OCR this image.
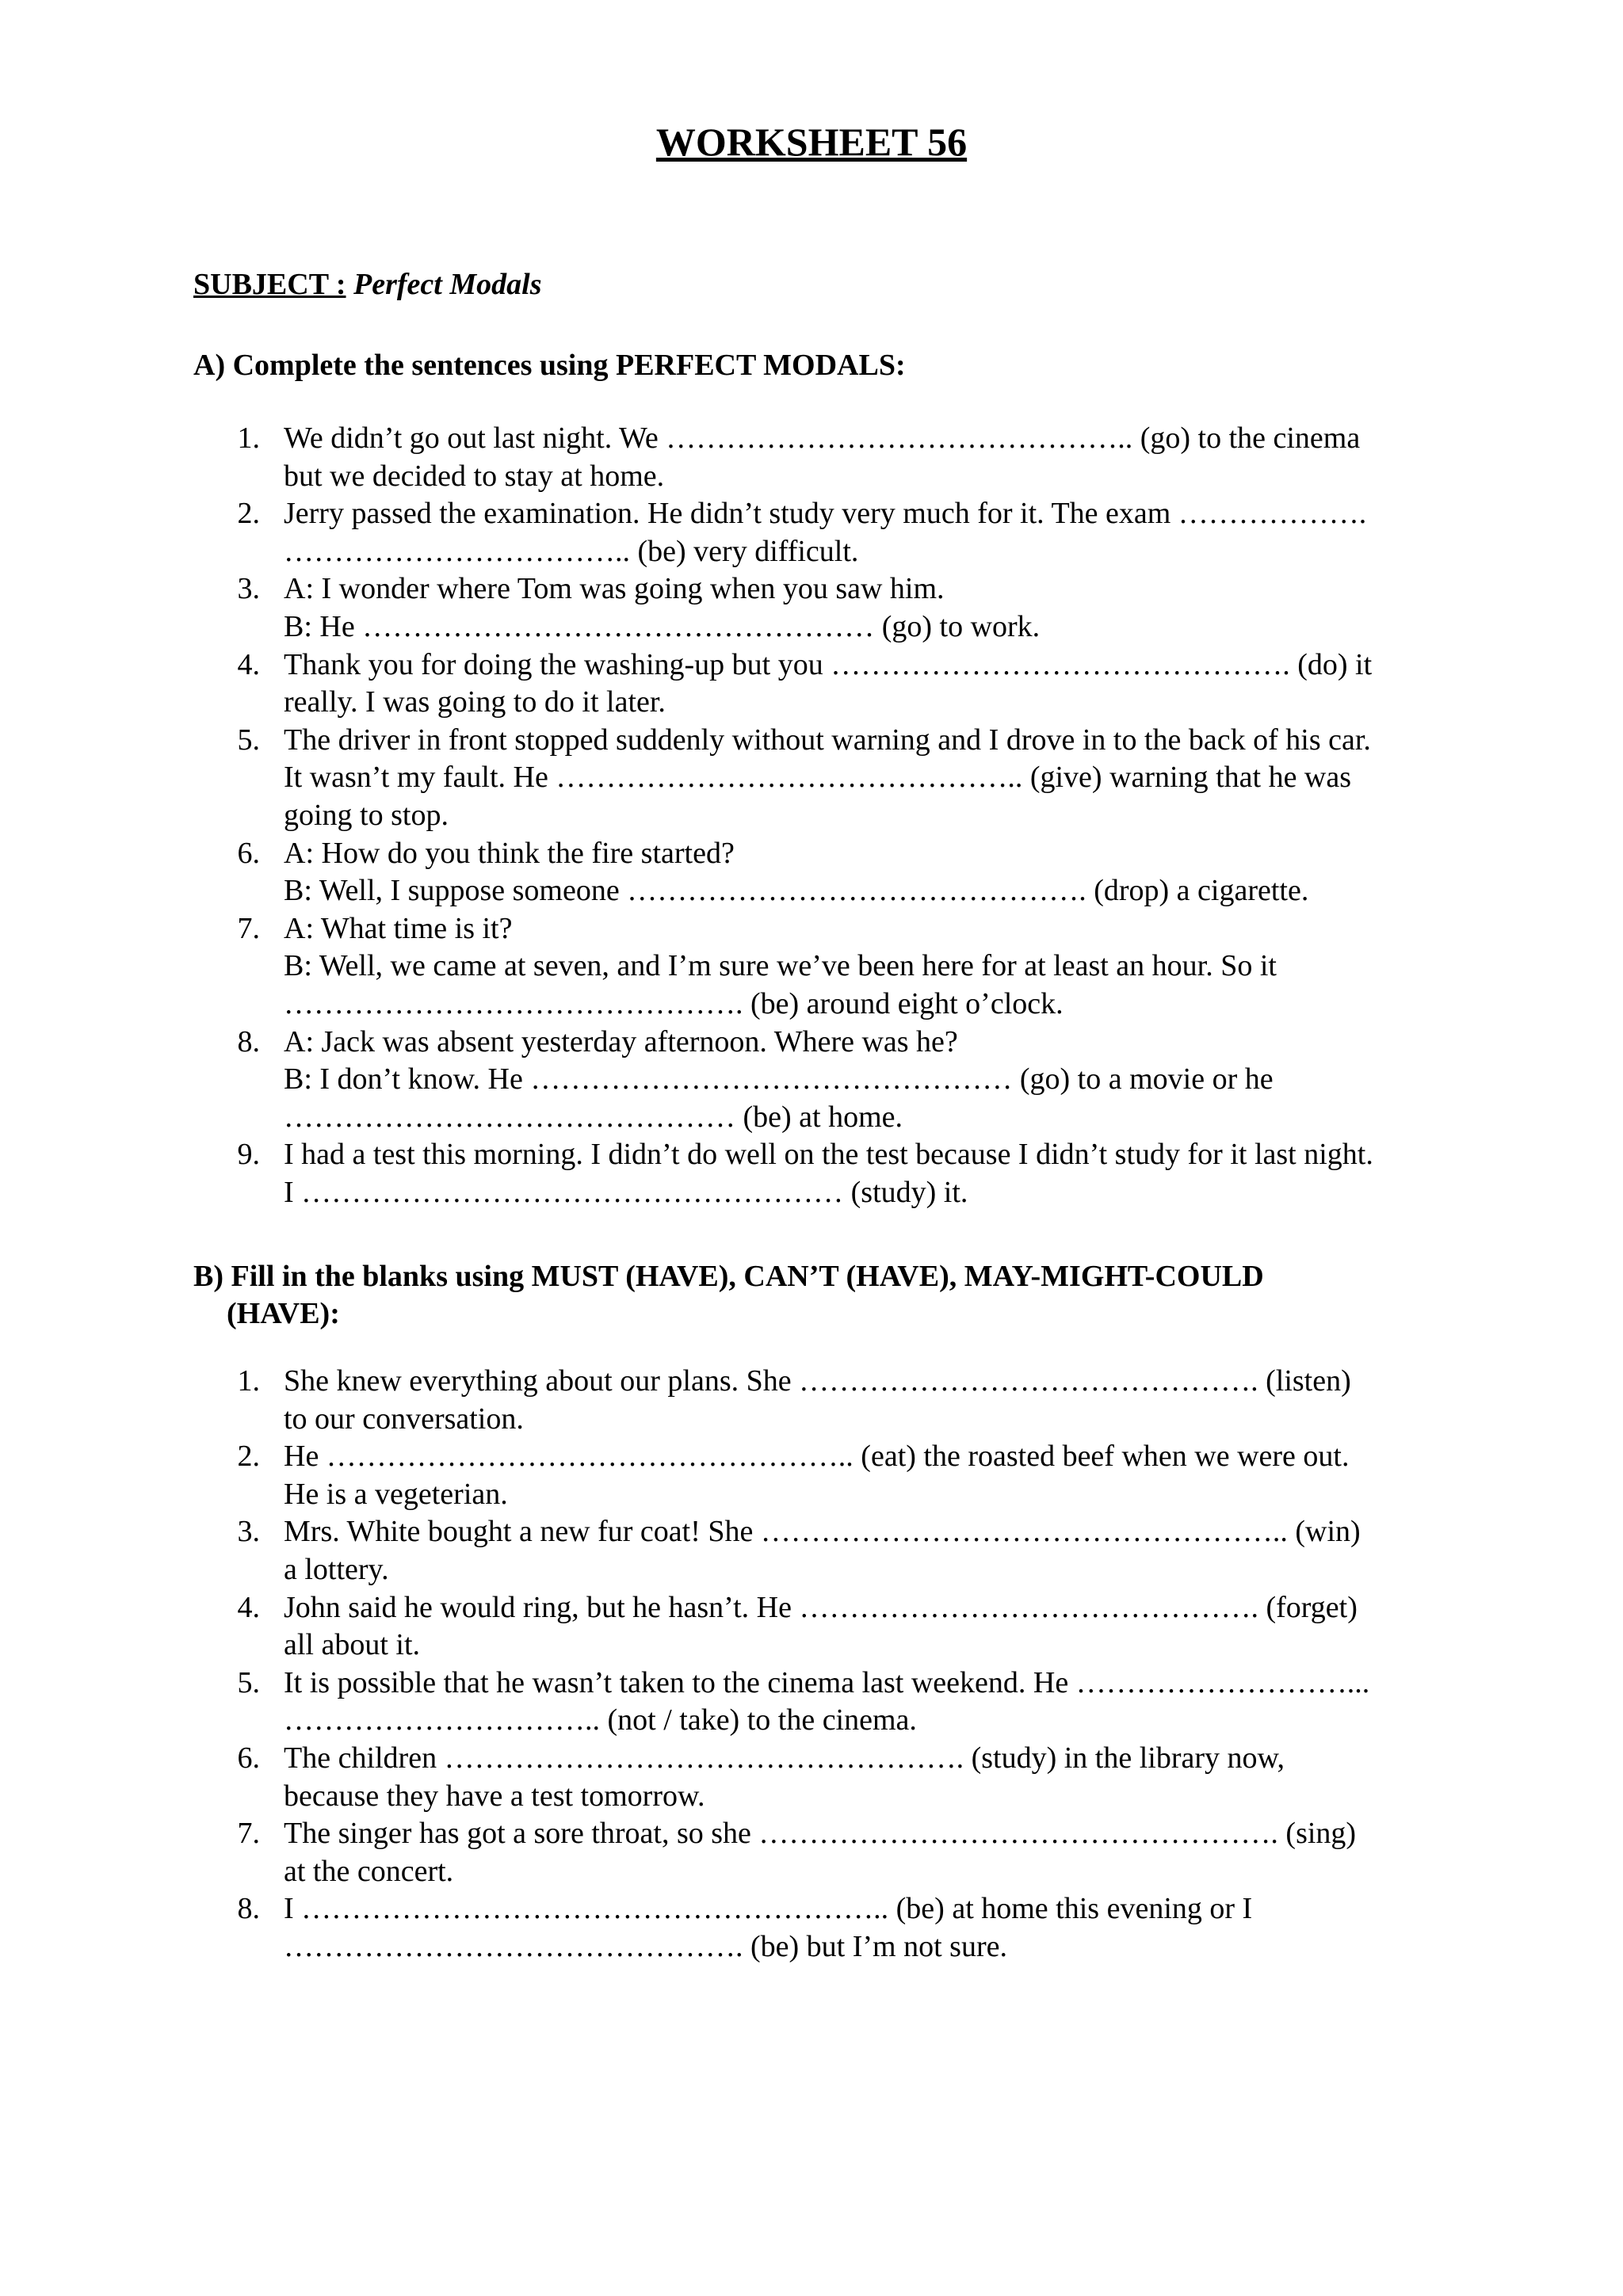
WORKSHEET 56
SUBJECT : Perfect Modals
A) Complete the sentences using PERFECT MODALS:
1. We didn’t go out last night. We ……………………………………….. (go) to the cinema
but we decided to stay at home.
2. Jerry passed the examination. He didn’t study very much for it. The exam ……………….
…………………………….. (be) very difficult.
3. A: I wonder where Tom was going when you saw him.
B: He …………………………………………… (go) to work.
4. Thank you for doing the washing-up but you ………………………………………. (do) it
really. I was going to do it later.
5. The driver in front stopped suddenly without warning and I drove in to the back of his car.
It wasn’t my fault. He ……………………………………….. (give) warning that he was
going to stop.
6. A: How do you think the fire started?
B: Well, I suppose someone ………………………………………. (drop) a cigarette.
7. A: What time is it?
B: Well, we came at seven, and I’m sure we’ve been here for at least an hour. So it
………………………………………. (be) around eight o’clock.
8. A: Jack was absent yesterday afternoon. Where was he?
B: I don’t know. He ………………………………………… (go) to a movie or he
……………………………………… (be) at home.
9. I had a test this morning. I didn’t do well on the test because I didn’t study for it last night.
I ……………………………………………… (study) it.
B) Fill in the blanks using MUST (HAVE), CAN’T (HAVE), MAY-MIGHT-COULD
(HAVE):
1. She knew everything about our plans. She ………………………………………. (listen)
to our conversation.
2. He …………………………………………….. (eat) the roasted beef when we were out.
He is a vegeterian.
3. Mrs. White bought a new fur coat! She …………………………………………….. (win)
a lottery.
4. John said he would ring, but he hasn’t. He ………………………………………. (forget)
all about it.
5. It is possible that he wasn’t taken to the cinema last weekend. He ………………………...
………………………….. (not / take) to the cinema.
6. The children ……………………………………………. (study) in the library now,
because they have a test tomorrow.
7. The singer has got a sore throat, so she ……………………………………………. (sing)
at the concert.
8. I ………………………………………………….. (be) at home this evening or I
………………………………………. (be) but I’m not sure.
